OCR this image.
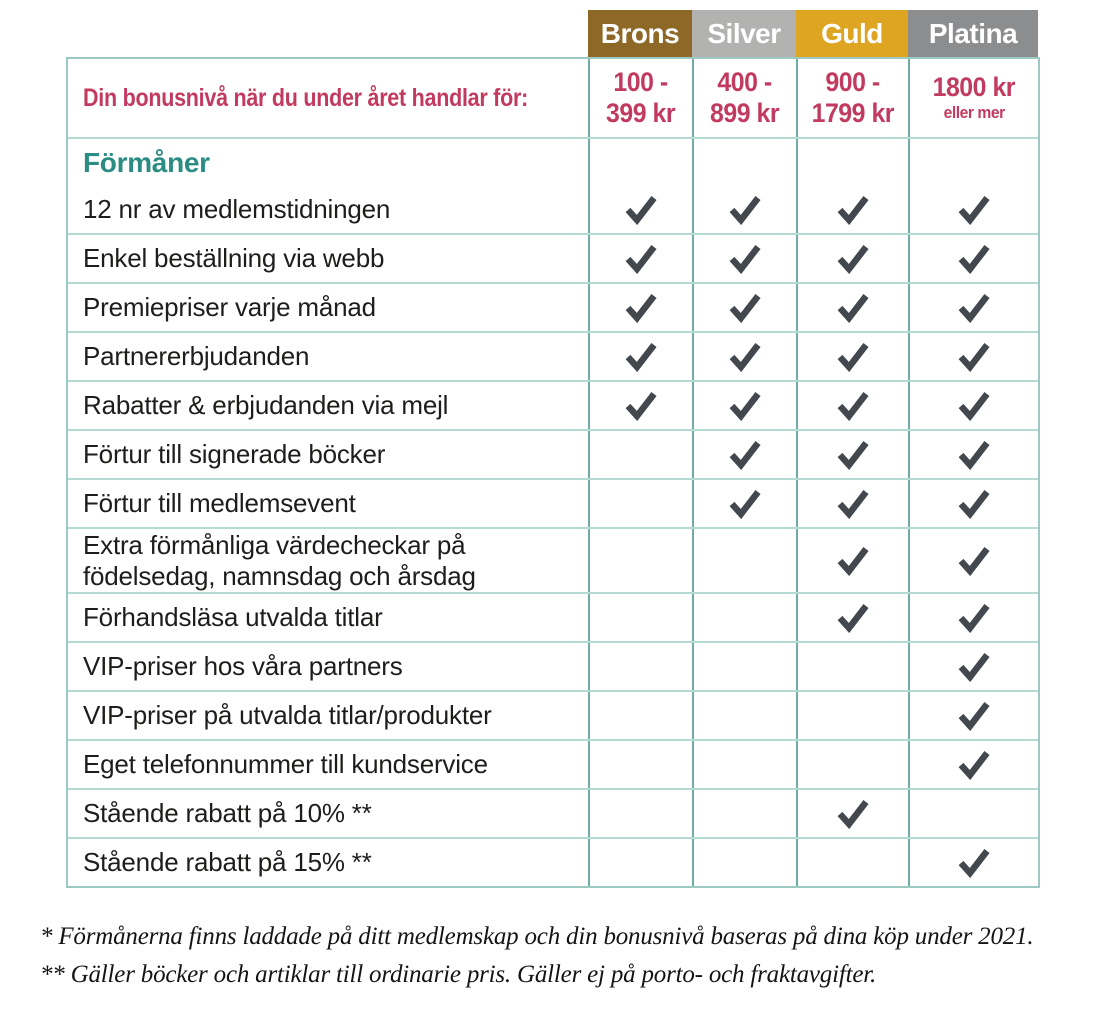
Brons Silver Guld Platina
Din bonusnivå när du under året handlar för:
100 -
399 kr
400 -
899 kr
900 -
1799 kr
1800 kr
eller mer
Förmåner
12 nr av medlemstidningen
Enkel beställning via webb
Premiepriser varje månad
Partnererbjudanden
Rabatter & erbjudanden via mejl
Förtur till signerade böcker
Förtur till medlemsevent
Extra förmånliga värdecheckar på
födelsedag, namnsdag och årsdag
Förhandsläsa utvalda titlar
VIP-priser hos våra partners
VIP-priser på utvalda titlar/produkter
Eget telefonnummer till kundservice
Stående rabatt på 10% **
Stående rabatt på 15% **
* Förmånerna finns laddade på ditt medlemskap och din bonusnivå baseras på dina köp under 2021.
** Gäller böcker och artiklar till ordinarie pris. Gäller ej på porto- och fraktavgifter.
